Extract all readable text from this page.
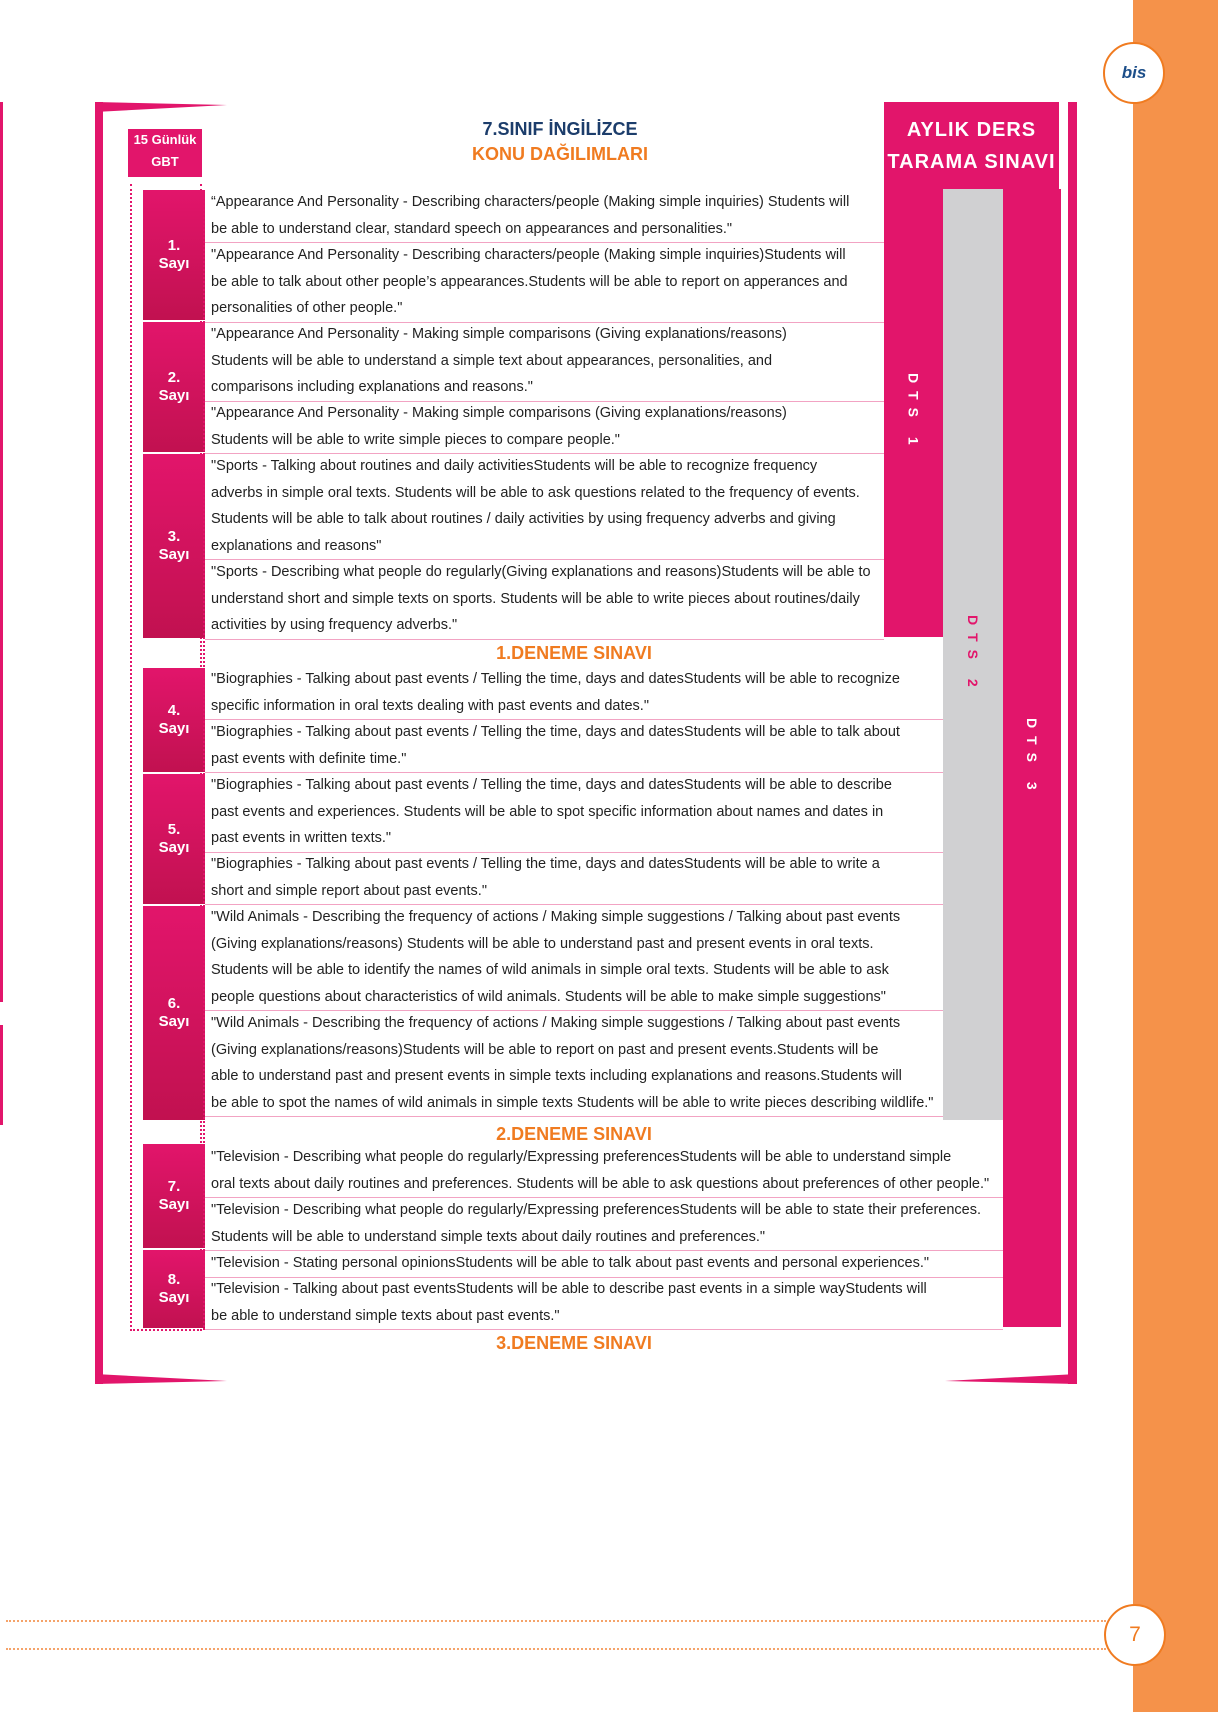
bis
7
15 Günlük
GBT
7.SINIF İNGİLİZCE
KONU DAĞILIMLARI
AYLIK DERS
TARAMA SINAVI
DTS 1
DTS 2
DTS 3
1.
Sayı
2.
Sayı
3.
Sayı
4.
Sayı
5.
Sayı
6.
Sayı
7.
Sayı
8.
Sayı
“Appearance And Personality - Describing characters/people (Making simple inquiries) Students will
be able to understand clear, standard speech on appearances and personalities."
"Appearance And Personality - Describing characters/people (Making simple inquiries)Students will
be able to talk about other people’s appearances.Students will be able to report on apperances and
personalities of other people."
"Appearance And Personality - Making simple comparisons (Giving explanations/reasons)
Students will be able to understand a simple text about appearances, personalities, and
comparisons including explanations and reasons."
"Appearance And Personality - Making simple comparisons (Giving explanations/reasons)
Students will be able to write simple pieces to compare people."
"Sports - Talking about routines and daily activitiesStudents will be able to recognize frequency
adverbs in simple oral texts. Students will be able to ask questions related to the frequency of events.
Students will be able to talk about routines / daily activities by using frequency adverbs and giving
explanations and reasons"
"Sports - Describing what people do regularly(Giving explanations and reasons)Students will be able to
understand short and simple texts on sports. Students will be able to write pieces about routines/daily
activities by using frequency adverbs."
1.DENEME SINAVI
"Biographies - Talking about past events / Telling the time, days and datesStudents will be able to recognize
specific information in oral texts dealing with past events and dates."
"Biographies - Talking about past events / Telling the time, days and datesStudents will be able to talk about
past events with definite time."
"Biographies - Talking about past events / Telling the time, days and datesStudents will be able to describe
past events and experiences. Students will be able to spot specific information about names and dates in
past events in written texts."
"Biographies - Talking about past events / Telling the time, days and datesStudents will be able to write a
short and simple report about past events."
"Wild Animals - Describing the frequency of actions / Making simple suggestions / Talking about past events
(Giving explanations/reasons) Students will be able to understand past and present events in oral texts.
Students will be able to identify the names of wild animals in simple oral texts. Students will be able to ask
people questions about characteristics of wild animals. Students will be able to make simple suggestions"
"Wild Animals - Describing the frequency of actions / Making simple suggestions / Talking about past events
(Giving explanations/reasons)Students will be able to report on past and present events.Students will be
able to understand past and present events in simple texts including explanations and reasons.Students will
be able to spot the names of wild animals in simple texts Students will be able to write pieces describing wildlife."
2.DENEME SINAVI
"Television - Describing what people do regularly/Expressing preferencesStudents will be able to understand simple
oral texts about daily routines and preferences. Students will be able to ask questions about preferences of other people."
"Television - Describing what people do regularly/Expressing preferencesStudents will be able to state their preferences.
Students will be able to understand simple texts about daily routines and preferences."
"Television - Stating personal opinionsStudents will be able to talk about past events and personal experiences."
"Television - Talking about past eventsStudents will be able to describe past events in a simple wayStudents will
be able to understand simple texts about past events."
3.DENEME SINAVI
